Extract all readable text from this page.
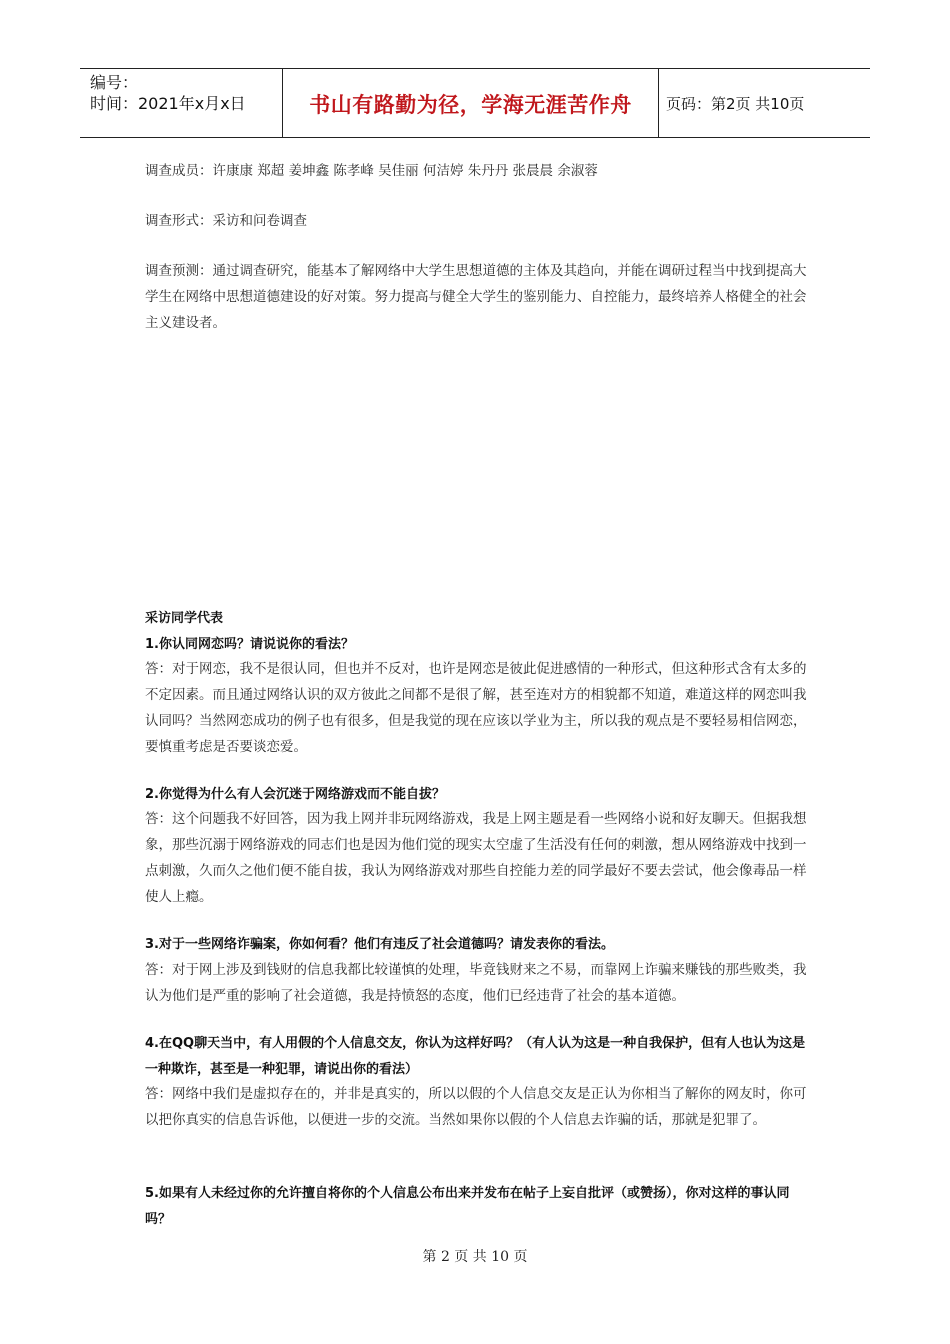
编号：
时间：2021年x月x日	书山有路勤为径，学海无涯苦作舟	页码：第2页 共10页
调查成员：许康康 郑超 姜坤鑫 陈孝峰 吴佳丽 何洁婷 朱丹丹 张晨晨 余淑蓉
调查形式：采访和问卷调查
调查预测：通过调查研究，能基本了解网络中大学生思想道德的主体及其趋向，并能在调研过程当中找到提高大学生在网络中思想道德建设的好对策。努力提高与健全大学生的鉴别能力、自控能力，最终培养人格健全的社会主义建设者。
采访同学代表
1.你认同网恋吗？请说说你的看法？
答：对于网恋，我不是很认同，但也并不反对，也许是网恋是彼此促进感情的一种形式，但这种形式含有太多的不定因素。而且通过网络认识的双方彼此之间都不是很了解，甚至连对方的相貌都不知道，难道这样的网恋叫我认同吗？当然网恋成功的例子也有很多，但是我觉的现在应该以学业为主，所以我的观点是不要轻易相信网恋，要慎重考虑是否要谈恋爱。
2.你觉得为什么有人会沉迷于网络游戏而不能自拔？
答：这个问题我不好回答，因为我上网并非玩网络游戏，我是上网主题是看一些网络小说和好友聊天。但据我想象，那些沉溺于网络游戏的同志们也是因为他们觉的现实太空虚了生活没有任何的刺激，想从网络游戏中找到一点刺激，久而久之他们便不能自拔，我认为网络游戏对那些自控能力差的同学最好不要去尝试，他会像毒品一样使人上瘾。
3.对于一些网络诈骗案，你如何看？他们有违反了社会道德吗？请发表你的看法。
答：对于网上涉及到钱财的信息我都比较谨慎的处理，毕竟钱财来之不易，而靠网上诈骗来赚钱的那些败类，我认为他们是严重的影响了社会道德，我是持愤怒的态度，他们已经违背了社会的基本道德。
4.在QQ聊天当中，有人用假的个人信息交友，你认为这样好吗？（有人认为这是一种自我保护，但有人也认为这是一种欺诈，甚至是一种犯罪，请说出你的看法）
答：网络中我们是虚拟存在的，并非是真实的，所以以假的个人信息交友是正认为你相当了解你的网友时，你可以把你真实的信息告诉他，以便进一步的交流。当然如果你以假的个人信息去诈骗的话，那就是犯罪了。
5.如果有人未经过你的允许擅自将你的个人信息公布出来并发布在帖子上妄自批评（或赞扬），你对这样的事认同吗？
第 2 页 共 10 页
